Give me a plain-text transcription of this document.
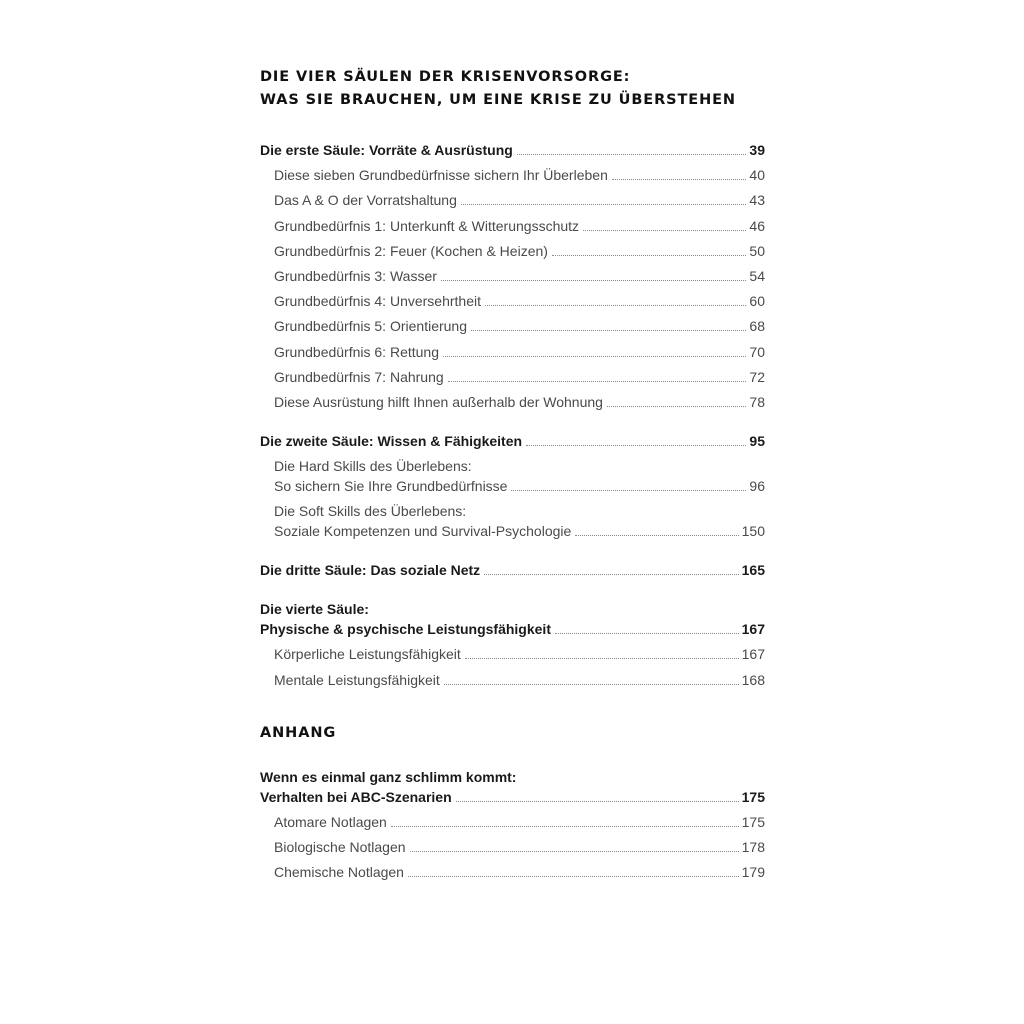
DIE VIER SÄULEN DER KRISENVORSORGE:
WAS SIE BRAUCHEN, UM EINE KRISE ZU ÜBERSTEHEN
Die erste Säule: Vorräte & Ausrüstung	39
Diese sieben Grundbedürfnisse sichern Ihr Überleben	40
Das A & O der Vorratshaltung	43
Grundbedürfnis 1: Unterkunft & Witterungsschutz	46
Grundbedürfnis 2: Feuer (Kochen & Heizen)	50
Grundbedürfnis 3: Wasser	54
Grundbedürfnis 4: Unversehrtheit	60
Grundbedürfnis 5: Orientierung	68
Grundbedürfnis 6: Rettung	70
Grundbedürfnis 7: Nahrung	72
Diese Ausrüstung hilft Ihnen außerhalb der Wohnung	78
Die zweite Säule: Wissen & Fähigkeiten	95
Die Hard Skills des Überlebens:
So sichern Sie Ihre Grundbedürfnisse	96
Die Soft Skills des Überlebens:
Soziale Kompetenzen und Survival-Psychologie	150
Die dritte Säule: Das soziale Netz	165
Die vierte Säule:
Physische & psychische Leistungsfähigkeit	167
Körperliche Leistungsfähigkeit	167
Mentale Leistungsfähigkeit	168
ANHANG
Wenn es einmal ganz schlimm kommt:
Verhalten bei ABC-Szenarien	175
Atomare Notlagen	175
Biologische Notlagen	178
Chemische Notlagen	179
